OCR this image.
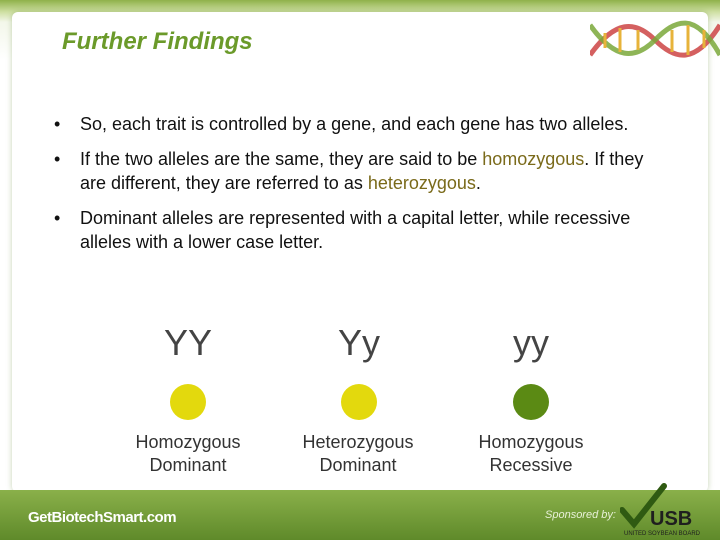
Further Findings
• So, each trait is controlled by a gene, and each gene has two alleles.
• If the two alleles are the same, they are said to be homozygous. If they are different, they are referred to as heterozygous.
• Dominant alleles are represented with a capital letter, while recessive alleles with a lower case letter.
YY
Homozygous
Dominant
Yy
Heterozygous
Dominant
yy
Homozygous
Recessive
GetBiotechSmart.com	Sponsored by: USB
UNITED SOYBEAN BOARD
